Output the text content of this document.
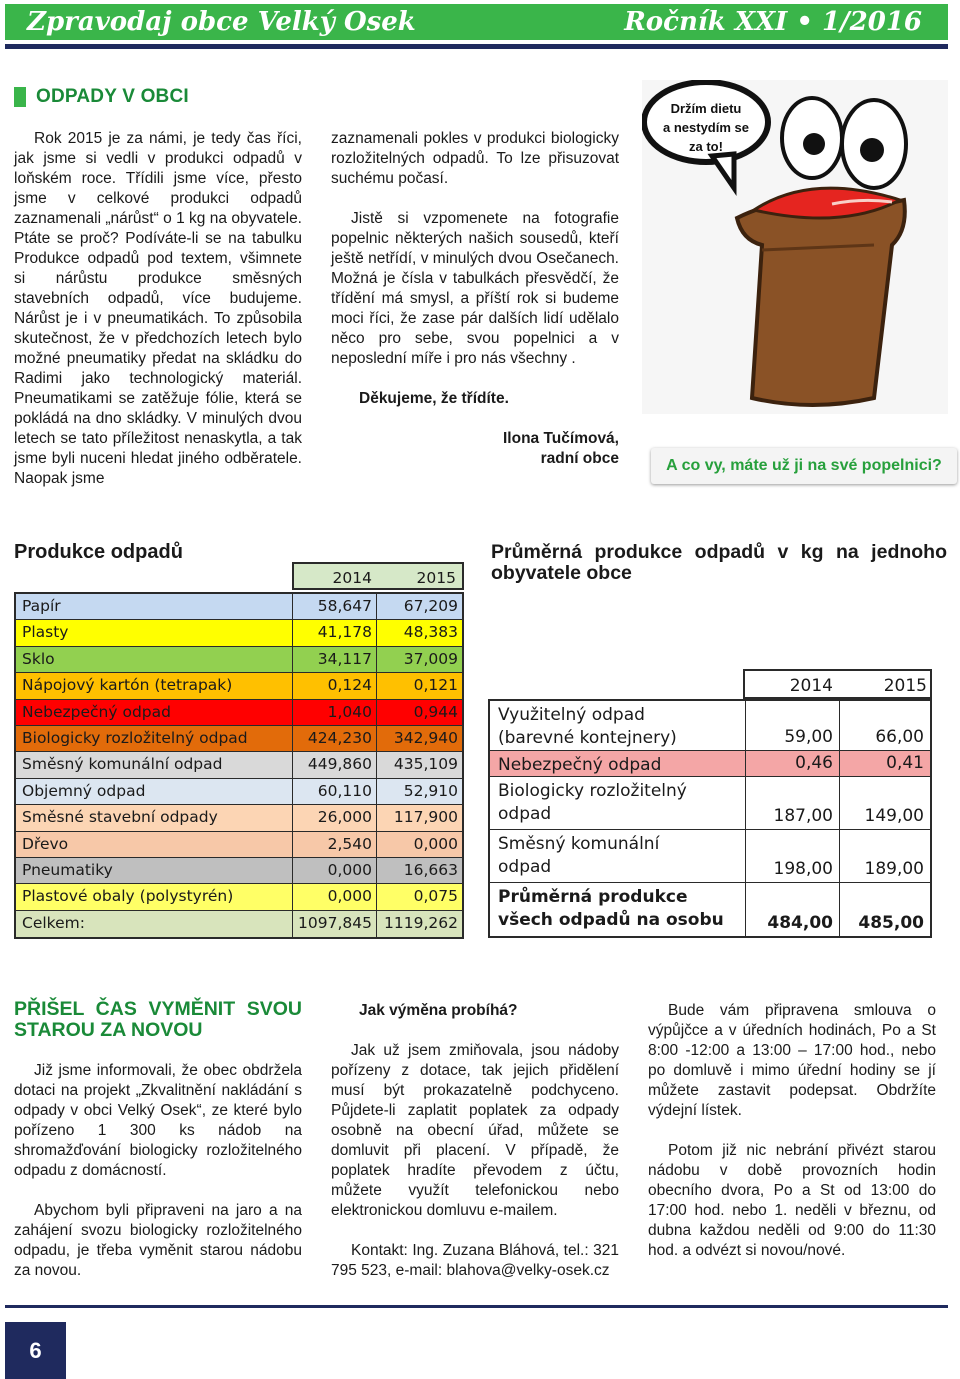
Zpravodaj obce Velký Osek	Ročník XXI • 1/2016
ODPADY V OBCI

Rok 2015 je za námi, je tedy čas říci, jak jsme si vedli v produkci odpadů v loňském roce. Třídili jsme více, přesto jsme v celkové produkci odpadů zaznamenali „nárůst“ o 1 kg na obyvatele. Ptáte se proč? Podíváte-li se na tabulku Produkce odpadů pod textem, všimnete si nárůstu produkce směsných stavebních odpadů, více budujeme. Nárůst je i v pneumatikách. To způsobila skutečnost, že v předchozích letech bylo možné pneumatiky předat na skládku do Radimi jako technologický materiál. Pneumatikami se zatěžuje fólie, která se pokládá na dno skládky. V minulých dvou letech se tato příležitost nenaskytla, a tak jsme byli nuceni hledat jiného odběratele. Naopak jsme

zaznamenali pokles v produkci biologicky rozložitelných odpadů. To lze přisuzovat suchému počasí.

Jistě si vzpomenete na fotografie popelnic některých našich sousedů, kteří ještě netřídí, v minulých dvou Osečanech. Možná je čísla v tabulkách přesvědčí, že třídění má smysl, a příští rok si budeme moci říci, že zase pár dalších lidí udělalo něco pro sebe, svou popelnici a v neposlední míře i pro nás všechny .

Děkujeme, že třídíte.

Ilona Tučímová,

radní obce

Držím dietu
a nestydím se
za to!
A co vy, máte už ji na své popelnici?
Produkce odpadů
2014	2015
Papír	58,647	67,209
Plasty	41,178	48,383
Sklo	34,117	37,009
Nápojový kartón (tetrapak)	0,124	0,121
Nebezpečný odpad	1,040	0,944
Biologicky rozložitelný odpad	424,230	342,940
Směsný komunální odpad	449,860	435,109
Objemný odpad	60,110	52,910
Směsné stavební odpady	26,000	117,900
Dřevo	2,540	0,000
Pneumatiky	0,000	16,663
Plastové obaly (polystyrén)	0,000	0,075
Celkem:	1097,845 1119,262
Průměrná produkce odpadů v kg na jednoho obyvatele obce
2014	2015
Využitelný odpad
(barevné kontejnery)	59,00	66,00
Nebezpečný odpad	0,46	0,41
Biologicky rozložitelný
odpad	187,00	149,00
Směsný komunální
odpad	198,00	189,00
Průměrná produkce
všech odpadů na osobu	484,00	485,00
PŘIŠEL ČAS VYMĚNIT SVOU STAROU ZA NOVOU

Již jsme informovali, že obec obdržela dotaci na projekt „Zkvalitnění nakládání s odpady v obci Velký Osek“, ze které bylo pořízeno 1 300 ks nádob na shromažďování biologicky rozložitelného odpadu z domácností.

Abychom byli připraveni na jaro a na zahájení svozu biologicky rozložitelného odpadu, je třeba vyměnit starou nádobu za novou.

Jak výměna probíhá?

Jak už jsem zmiňovala, jsou nádoby pořízeny z dotace, tak jejich přidělení musí být prokazatelně podchyceno. Půjdete-li zaplatit poplatek za odpady osobně na obecní úřad, můžete se domluvit při placení. V případě, že poplatek hradíte převodem z účtu, můžete využít telefonickou nebo elektronickou domluvu e-mailem.

Kontakt: Ing. Zuzana Bláhová, tel.: 321 795 523, e-mail: blahova@velky-osek.cz

Bude vám připravena smlouva o výpůjčce a v úředních hodinách, Po a St 8:00 -12:00 a 13:00 – 17:00 hod., nebo po domluvě i mimo úřední hodiny se jí můžete zastavit podepsat. Obdržíte výdejní lístek.

Potom již nic nebrání přivézt starou nádobu v době provozních hodin obecního dvora, Po a St od 13:00 do 17:00 hod. nebo 1. neděli v březnu, od dubna každou neděli od 9:00 do 11:30 hod. a odvézt si novou/nové.

6
